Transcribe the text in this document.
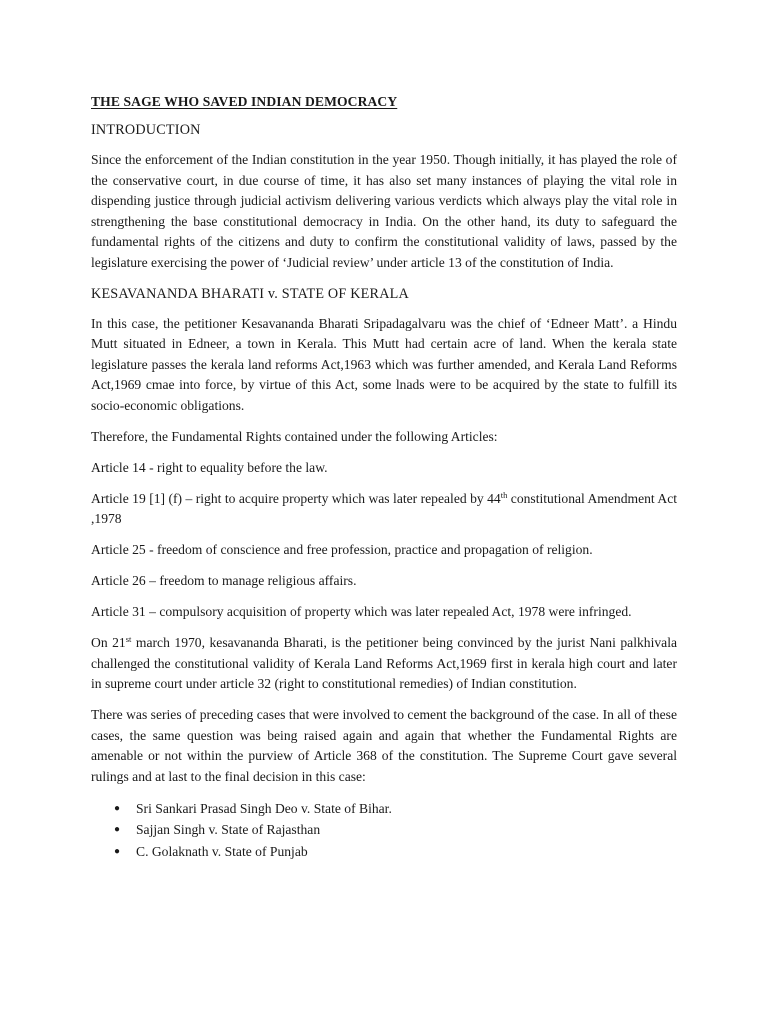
THE SAGE WHO SAVED INDIAN DEMOCRACY
INTRODUCTION

Since the enforcement of the Indian constitution in the year 1950. Though initially, it has played the role of the conservative court, in due course of time, it has also set many instances of playing the vital role in dispending justice through judicial activism delivering various verdicts which always play the vital role in strengthening the base constitutional democracy in India. On the other hand, its duty to safeguard the fundamental rights of the citizens and duty to confirm the constitutional validity of laws, passed by the legislature exercising the power of ‘Judicial review’ under article 13 of the constitution of India.

KESAVANANDA BHARATI v. STATE OF KERALA

In this case, the petitioner Kesavananda Bharati Sripadagalvaru was the chief of ‘Edneer Matt’. a Hindu Mutt situated in Edneer, a town in Kerala. This Mutt had certain acre of land. When the kerala state legislature passes the kerala land reforms Act,1963 which was further amended, and Kerala Land Reforms Act,1969 cmae into force, by virtue of this Act, some lnads were to be acquired by the state to fulfill its socio-economic obligations.

Therefore, the Fundamental Rights contained under the following Articles:

Article 14 - right to equality before the law.

Article 19 [1] (f) – right to acquire property which was later repealed by 44th constitutional Amendment Act ,1978

Article 25 - freedom of conscience and free profession, practice and propagation of religion.

Article 26 – freedom to manage religious affairs.

Article 31 – compulsory acquisition of property which was later repealed Act, 1978 were infringed.

On 21st march 1970, kesavananda Bharati, is the petitioner being convinced by the jurist Nani palkhivala challenged the constitutional validity of Kerala Land Reforms Act,1969 first in kerala high court and later in supreme court under article 32 (right to constitutional remedies) of Indian constitution.

There was series of preceding cases that were involved to cement the background of the case. In all of these cases, the same question was being raised again and again that whether the Fundamental Rights are amenable or not within the purview of Article 368 of the constitution. The Supreme Court gave several rulings and at last to the final decision in this case:

● Sri Sankari Prasad Singh Deo v. State of Bihar.
● Sajjan Singh v. State of Rajasthan
● C. Golaknath v. State of Punjab
